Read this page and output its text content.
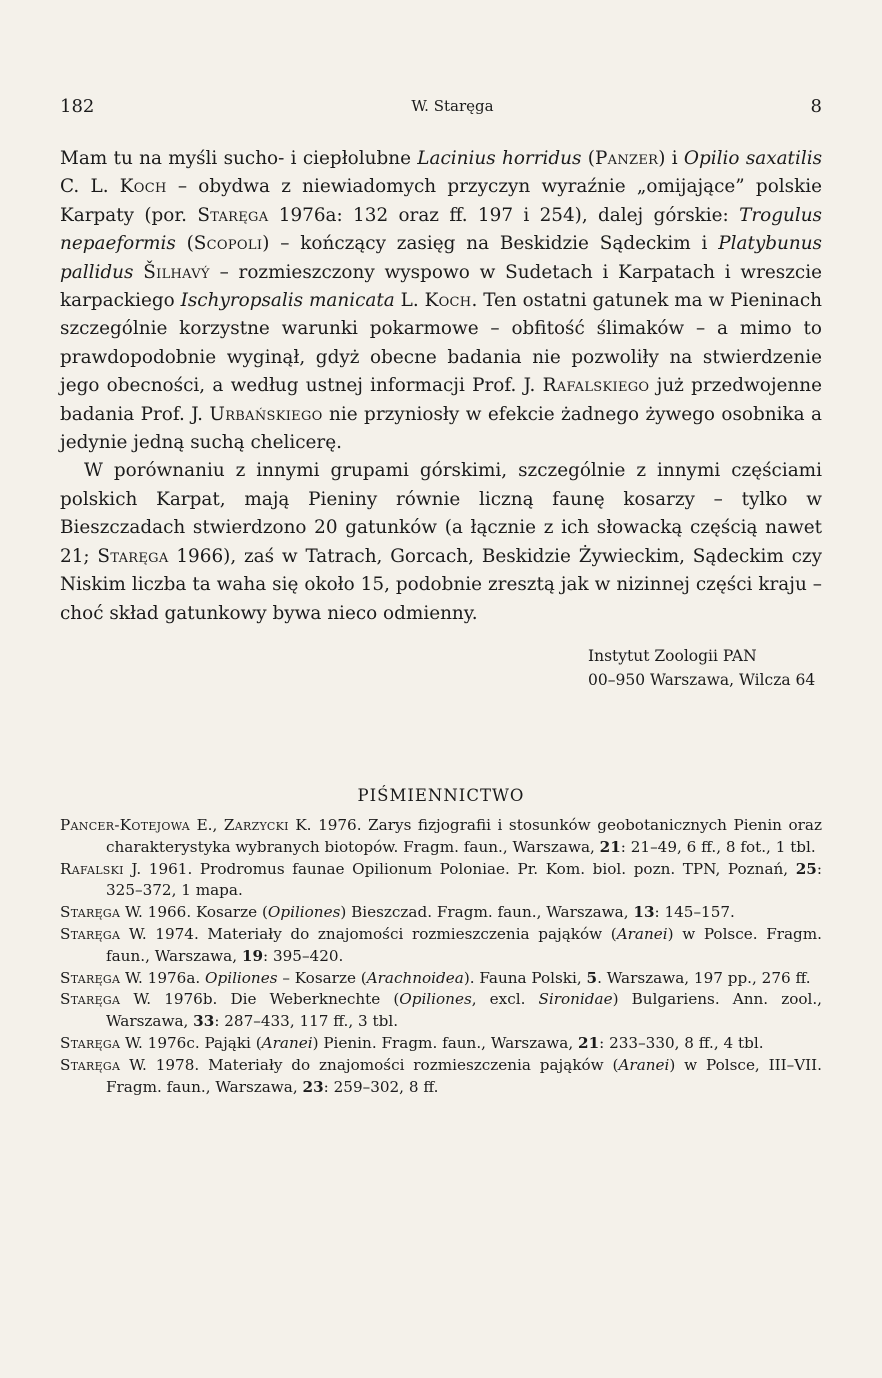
182	W. Staręga	8

Mam tu na myśli sucho- i ciepłolubne Lacinius horridus (Panzer) i Opilio saxatilis C. L. Koch – obydwa z niewiadomych przyczyn wyraźnie „omijające” polskie Karpaty (por. Staręga 1976a: 132 oraz ff. 197 i 254), dalej górskie: Trogulus nepaeformis (Scopoli) – kończący zasięg na Beskidzie Sądeckim i Platybunus pallidus Šilhavý – rozmieszczony wyspowo w Sudetach i Karpatach i wreszcie karpackiego Ischyropsalis manicata L. Koch. Ten ostatni gatunek ma w Pieninach szczególnie korzystne warunki pokarmowe – obfitość ślimaków – a mimo to prawdopodobnie wyginął, gdyż obecne badania nie pozwoliły na stwierdzenie jego obecności, a według ustnej informacji Prof. J. Rafalskiego już przedwojenne badania Prof. J. Urbańskiego nie przyniosły w efekcie żadnego żywego osobnika a jedynie jedną suchą chelicerę.

W porównaniu z innymi grupami górskimi, szczególnie z innymi częściami polskich Karpat, mają Pieniny równie liczną faunę kosarzy – tylko w Bieszczadach stwierdzono 20 gatunków (a łącznie z ich słowacką częścią nawet 21; Staręga 1966), zaś w Tatrach, Gorcach, Beskidzie Żywieckim, Sądeckim czy Niskim liczba ta waha się około 15, podobnie zresztą jak w nizinnej części kraju – choć skład gatunkowy bywa nieco odmienny.

Instytut Zoologii PAN
00–950 Warszawa, Wilcza 64
PIŚMIENNICTWO
Pancer-Kotejowa E., Zarzycki K. 1976. Zarys fizjografii i stosunków geobotanicznych Pienin oraz charakterystyka wybranych biotopów. Fragm. faun., Warszawa, 21: 21–49, 6 ff., 8 fot., 1 tbl.
Rafalski J. 1961. Prodromus faunae Opilionum Poloniae. Pr. Kom. biol. pozn. TPN, Poznań, 25: 325–372, 1 mapa.
Staręga W. 1966. Kosarze (Opiliones) Bieszczad. Fragm. faun., Warszawa, 13: 145–157.
Staręga W. 1974. Materiały do znajomości rozmieszczenia pająków (Aranei) w Polsce. Fragm. faun., Warszawa, 19: 395–420.
Staręga W. 1976a. Opiliones – Kosarze (Arachnoidea). Fauna Polski, 5. Warszawa, 197 pp., 276 ff.
Staręga W. 1976b. Die Weberknechte (Opiliones, excl. Sironidae) Bulgariens. Ann. zool., Warszawa, 33: 287–433, 117 ff., 3 tbl.
Staręga W. 1976c. Pająki (Aranei) Pienin. Fragm. faun., Warszawa, 21: 233–330, 8 ff., 4 tbl.
Staręga W. 1978. Materiały do znajomości rozmieszczenia pająków (Aranei) w Polsce, III–VII. Fragm. faun., Warszawa, 23: 259–302, 8 ff.
